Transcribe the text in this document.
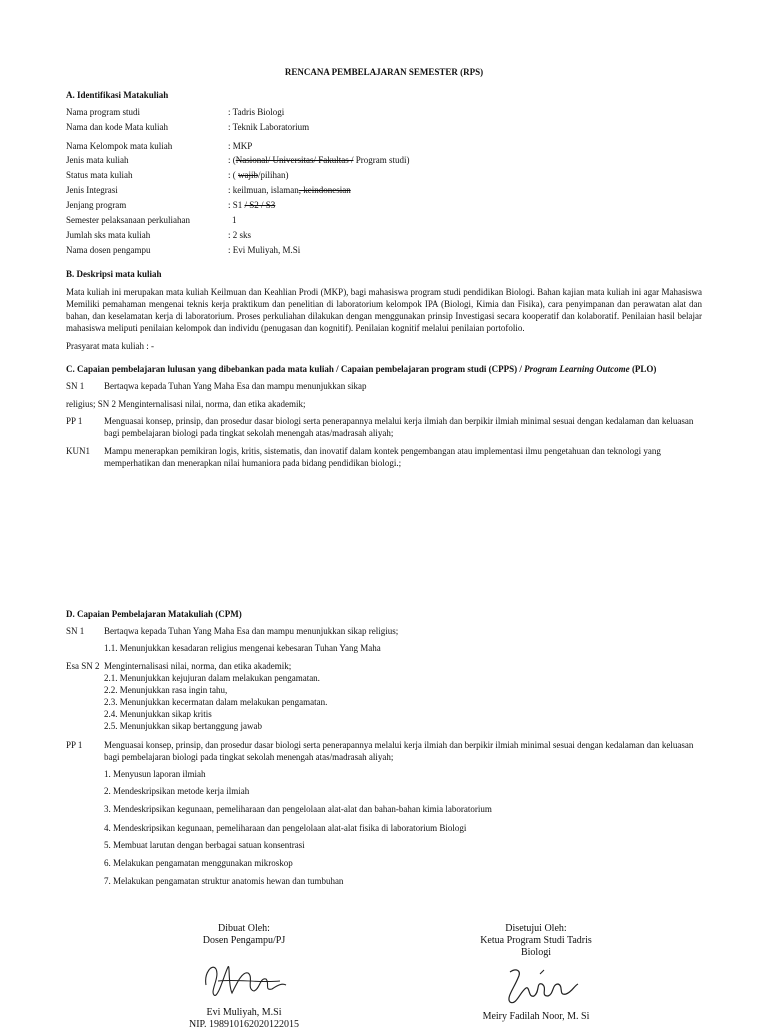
RENCANA PEMBELAJARAN SEMESTER (RPS)
A. Identifikasi Matakuliah
Nama program studi	: Tadris Biologi
Nama dan kode Mata kuliah	: Teknik Laboratorium
Nama Kelompok mata kuliah	: MKP
Jenis mata kuliah	: (Nasional/ Universitas/ Fakultas / Program studi)
Status mata kuliah	: ( wajib/pilihan)
Jenis Integrasi	: keilmuan, islaman, keindonesian
Jenjang program	: S1 / S2 / S3
Semester pelaksanaan perkuliahan	1
Jumlah sks mata kuliah	: 2 sks
Nama dosen pengampu	: Evi Muliyah, M.Si
B. Deskripsi mata kuliah
Mata kuliah ini merupakan mata kuliah Keilmuan dan Keahlian Prodi (MKP), bagi mahasiswa program studi pendidikan Biologi. Bahan kajian mata kuliah ini agar Mahasiswa Memiliki pemahaman mengenai teknis kerja praktikum dan penelitian di laboratorium kelompok IPA (Biologi, Kimia dan Fisika), cara penyimpanan dan perawatan alat dan bahan, dan keselamatan kerja di laboratorium. Proses perkuliahan dilakukan dengan menggunakan prinsip Investigasi secara kooperatif dan kolaboratif. Penilaian hasil belajar mahasiswa meliputi penilaian kelompok dan individu (penugasan dan kognitif). Penilaian kognitif melalui penilaian portofolio.
Prasyarat mata kuliah : -
C. Capaian pembelajaran lulusan yang dibebankan pada mata kuliah / Capaian pembelajaran program studi (CPPS) / Program Learning Outcome (PLO)
SN 1 Bertaqwa kepada Tuhan Yang Maha Esa dan mampu menunjukkan sikap
religius; SN 2 Menginternalisasi nilai, norma, dan etika akademik;
PP 1 Menguasai konsep, prinsip, dan prosedur dasar biologi serta penerapannya melalui kerja ilmiah dan berpikir ilmiah minimal sesuai dengan kedalaman dan keluasan bagi pembelajaran biologi pada tingkat sekolah menengah atas/madrasah aliyah;
KUN1 Mampu menerapkan pemikiran logis, kritis, sistematis, dan inovatif dalam kontek pengembangan atau implementasi ilmu pengetahuan dan teknologi yang memperhatikan dan menerapkan nilai humaniora pada bidang pendidikan biologi.;
D. Capaian Pembelajaran Matakuliah (CPM)
SN 1 Bertaqwa kepada Tuhan Yang Maha Esa dan mampu menunjukkan sikap religius;
1.1. Menunjukkan kesadaran religius mengenai kebesaran Tuhan Yang Maha
Esa SN 2 Menginternalisasi nilai, norma, dan etika akademik;
2.1. Menunjukkan kejujuran dalam melakukan pengamatan.
2.2. Menunjukkan rasa ingin tahu,
2.3. Menunjukkan kecermatan dalam melakukan pengamatan.
2.4. Menunjukkan sikap kritis
2.5. Menunjukkan sikap bertanggung jawab
PP 1 Menguasai konsep, prinsip, dan prosedur dasar biologi serta penerapannya melalui kerja ilmiah dan berpikir ilmiah minimal sesuai dengan kedalaman dan keluasan bagi pembelajaran biologi pada tingkat sekolah menengah atas/madrasah aliyah;
1. Menyusun laporan ilmiah
2. Mendeskripsikan metode kerja ilmiah
3. Mendeskripsikan kegunaan, pemeliharaan dan pengelolaan alat-alat dan bahan-bahan kimia laboratorium
4. Mendeskripsikan kegunaan, pemeliharaan dan pengelolaan alat-alat fisika di laboratorium Biologi
5. Membuat larutan dengan berbagai satuan konsentrasi
6. Melakukan pengamatan menggunakan mikroskop
7. Melakukan pengamatan struktur anatomis hewan dan tumbuhan
Dibuat Oleh:
Dosen Pengampu/PJ
Evi Muliyah, M.Si
NIP. 198910162020122015
Disetujui Oleh:
Ketua Program Studi Tadris
Biologi
Meiry Fadilah Noor, M. Si
